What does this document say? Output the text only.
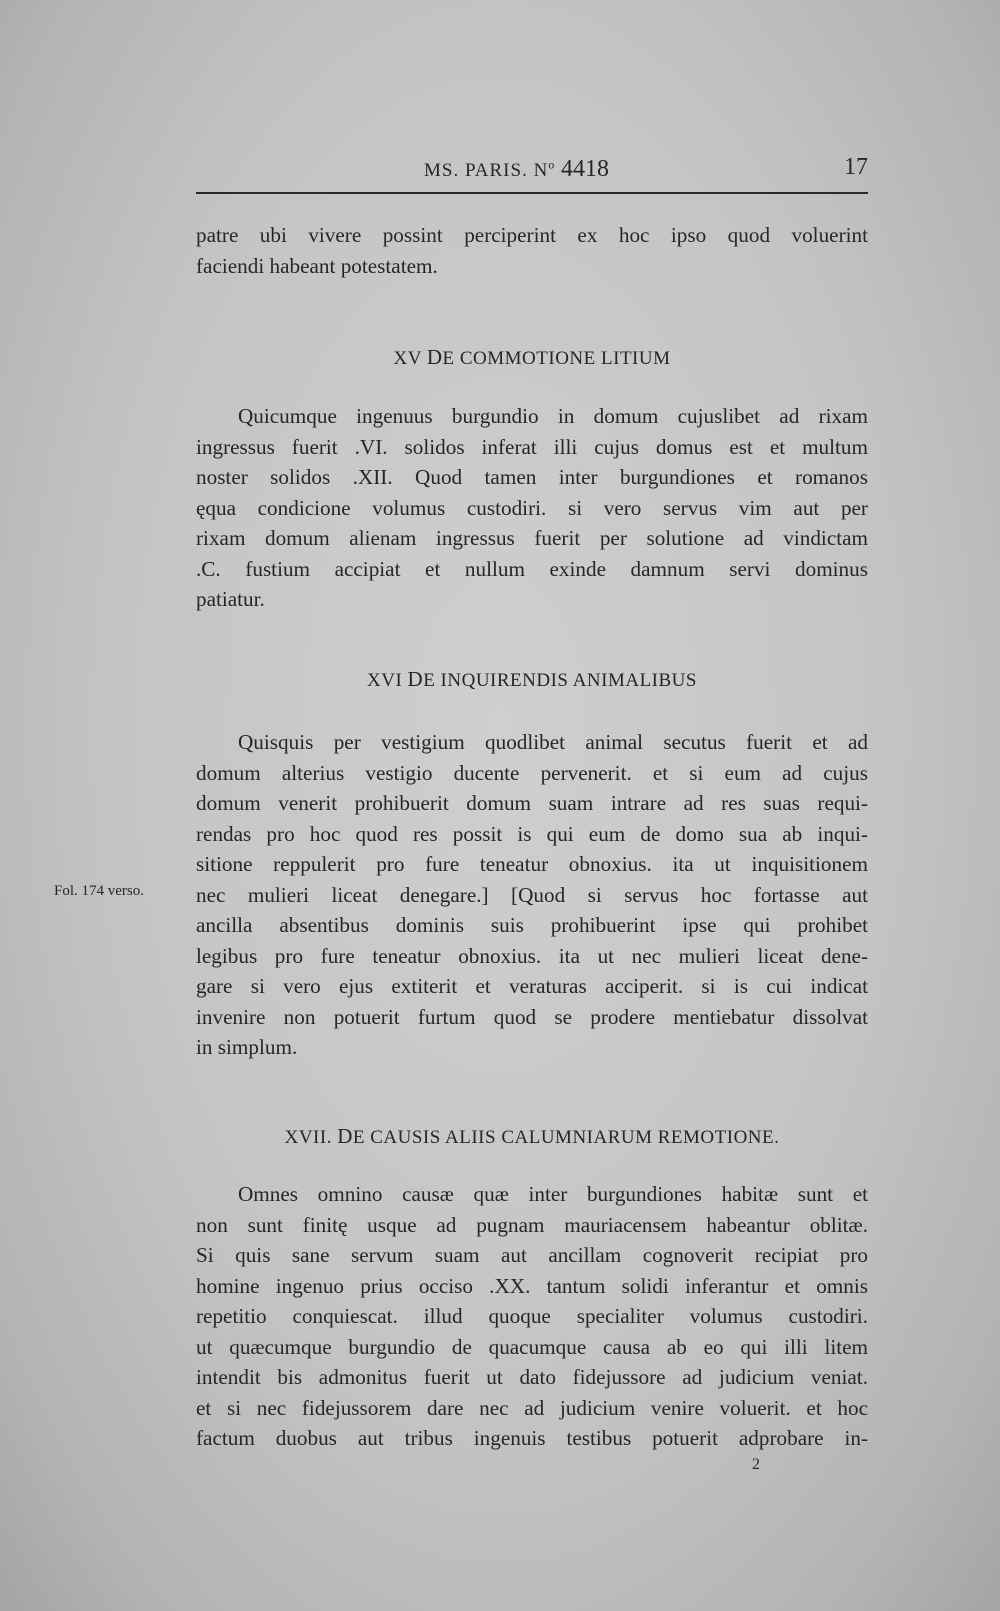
MS. PARIS. $N^o$ 4418	17
patre ubi vivere possint perciperint ex hoc ipso quod voluerint
faciendi habeant potestatem.
XV DE COMMOTIONE LITIUM
Quicumque ingenuus burgundio in domum cujuslibet ad rixam
ingressus fuerit .VI. solidos inferat illi cujus domus est et multum
noster solidos .XII. Quod tamen inter burgundiones et romanos
ęqua condicione volumus custodiri. si vero servus vim aut per
rixam domum alienam ingressus fuerit per solutione ad vindictam
.C. fustium accipiat et nullum exinde damnum servi dominus
patiatur.
XVI DE INQUIRENDIS ANIMALIBUS
Quisquis per vestigium quodlibet animal secutus fuerit et ad
domum alterius vestigio ducente pervenerit. et si eum ad cujus
domum venerit prohibuerit domum suam intrare ad res suas requi-
rendas pro hoc quod res possit is qui eum de domo sua ab inqui-
sitione reppulerit pro fure teneatur obnoxius. ita ut inquisitionem
nec mulieri liceat denegare.] [Quod si servus hoc fortasse aut
ancilla absentibus dominis suis prohibuerint ipse qui prohibet
legibus pro fure teneatur obnoxius. ita ut nec mulieri liceat dene-
gare si vero ejus extiterit et veraturas acciperit. si is cui indicat
invenire non potuerit furtum quod se prodere mentiebatur dissolvat
in simplum.
Fol. 174 verso.
XVII. DE CAUSIS ALIIS CALUMNIARUM REMOTIONE.
Omnes omnino causæ quæ inter burgundiones habitæ sunt et
non sunt finitę usque ad pugnam mauriacensem habeantur oblitæ.
Si quis sane servum suam aut ancillam cognoverit recipiat pro
homine ingenuo prius occiso .XX. tantum solidi inferantur et omnis
repetitio conquiescat. illud quoque specialiter volumus custodiri.
ut quæcumque burgundio de quacumque causa ab eo qui illi litem
intendit bis admonitus fuerit ut dato fidejussore ad judicium veniat.
et si nec fidejussorem dare nec ad judicium venire voluerit. et hoc
factum duobus aut tribus ingenuis testibus potuerit adprobare in-
2
